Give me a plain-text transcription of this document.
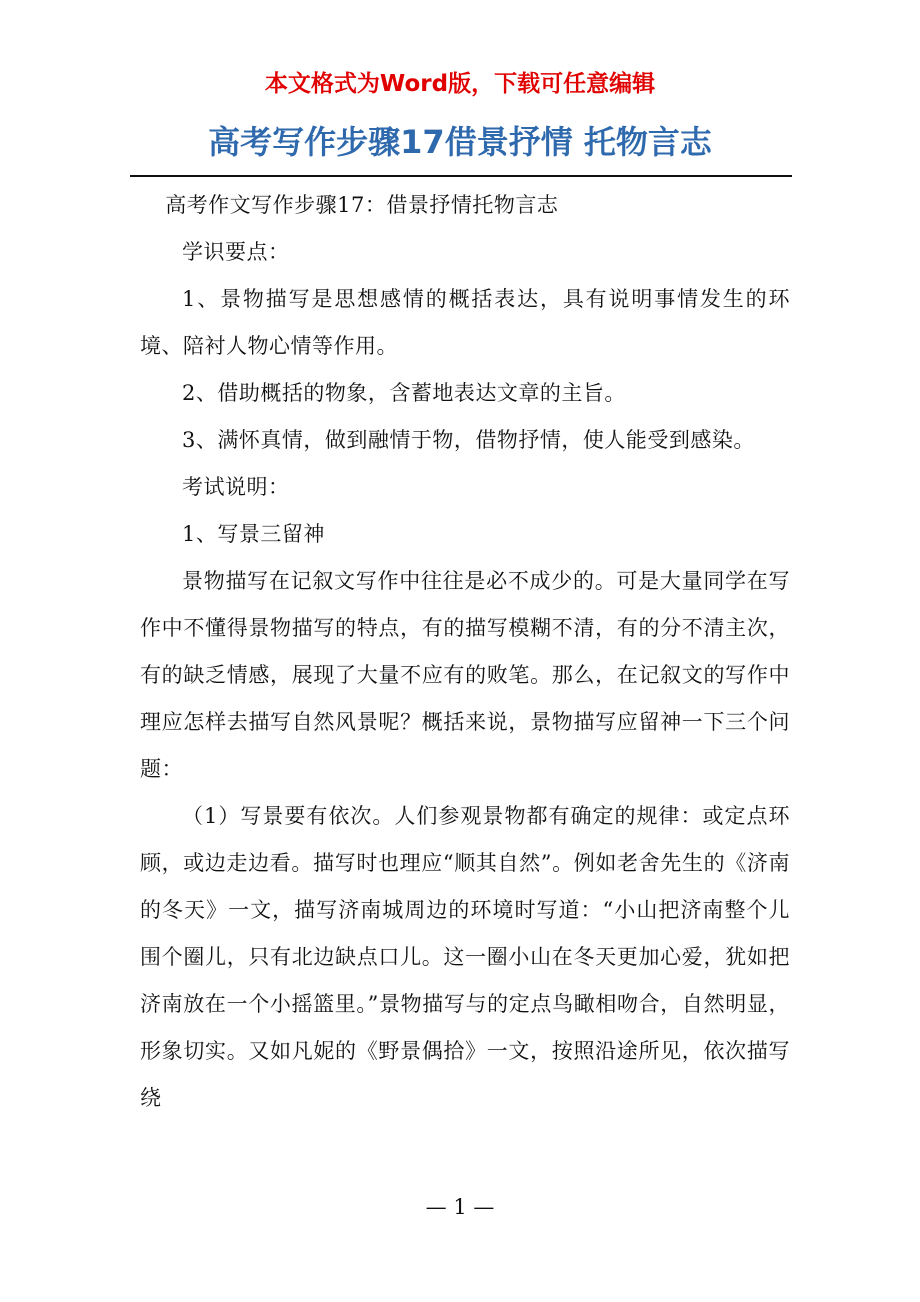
本文格式为Word版，下载可任意编辑
高考写作步骤17借景抒情 托物言志

高考作文写作步骤17：借景抒情托物言志

学识要点：

1、景物描写是思想感情的概括表达，具有说明事情发生的环境、陪衬人物心情等作用。

2、借助概括的物象，含蓄地表达文章的主旨。

3、满怀真情，做到融情于物，借物抒情，使人能受到感染。

考试说明：

1、写景三留神

景物描写在记叙文写作中往往是必不成少的。可是大量同学在写作中不懂得景物描写的特点，有的描写模糊不清，有的分不清主次，有的缺乏情感，展现了大量不应有的败笔。那么，在记叙文的写作中理应怎样去描写自然风景呢？概括来说，景物描写应留神一下三个问题：

（1）写景要有依次。人们参观景物都有确定的规律：或定点环顾，或边走边看。描写时也理应“顺其自然”。例如老舍先生的《济南的冬天》一文，描写济南城周边的环境时写道：“小山把济南整个儿围个圈儿，只有北边缺点口儿。这一圈小山在冬天更加心爱，犹如把济南放在一个小摇篮里。”景物描写与的定点鸟瞰相吻合，自然明显，形象切实。又如凡妮的《野景偶拾》一文，按照沿途所见，依次描写绕

— 1 —
